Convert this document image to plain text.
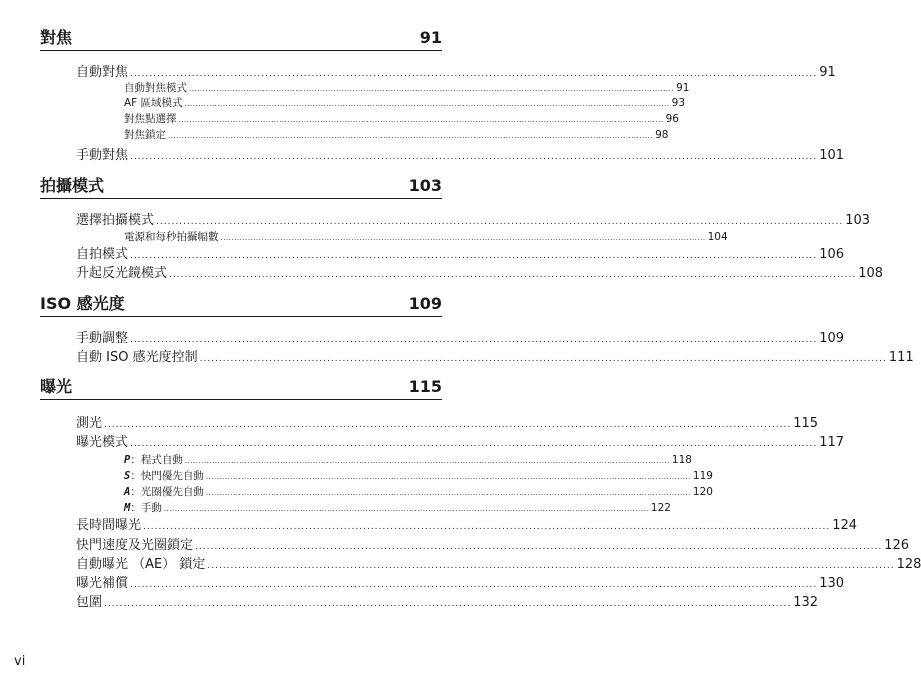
對焦	91
自動對焦 .................................................................................................................................................................................. 91
自動對焦模式 .................................................................................................................................................................................. 91
AF 區域模式 .................................................................................................................................................................................. 93
對焦點選擇 .................................................................................................................................................................................. 96
對焦鎖定 .................................................................................................................................................................................. 98
手動對焦 .................................................................................................................................................................................. 101
拍攝模式	103
選擇拍攝模式 .................................................................................................................................................................................. 103
電源和每秒拍攝幅數 .................................................................................................................................................................................. 104
自拍模式 .................................................................................................................................................................................. 106
升起反光鏡模式 .................................................................................................................................................................................. 108
ISO 感光度	109
手動調整 .................................................................................................................................................................................. 109
自動 ISO 感光度控制 .................................................................................................................................................................................. 111
曝光	115
測光 .................................................................................................................................................................................. 115
曝光模式 .................................................................................................................................................................................. 117
P：程式自動 .................................................................................................................................................................................. 118
S：快門優先自動 .................................................................................................................................................................................. 119
A：光圈優先自動 .................................................................................................................................................................................. 120
M：手動 .................................................................................................................................................................................. 122
長時間曝光 .................................................................................................................................................................................. 124
快門速度及光圈鎖定 .................................................................................................................................................................................. 126
自動曝光 （AE） 鎖定 .................................................................................................................................................................................. 128
曝光補償 .................................................................................................................................................................................. 130
包圍 .................................................................................................................................................................................. 132
vi
